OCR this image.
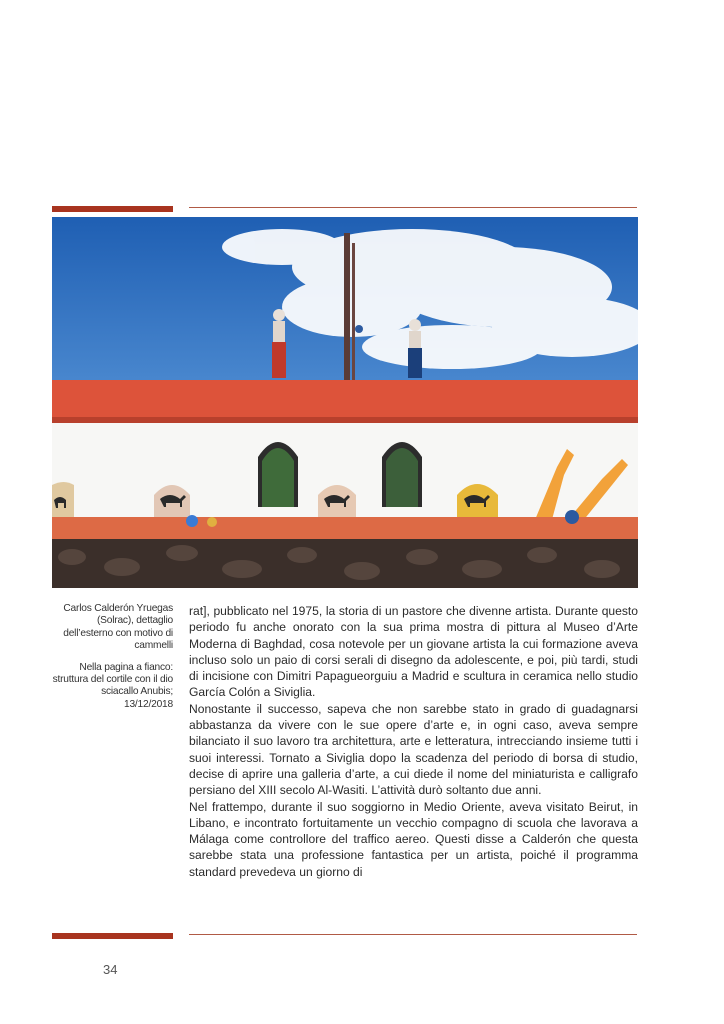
Carlos Calderón Yruegas (Solrac), dettaglio dell’esterno con motivo di cammelli

Nella pagina a fianco: struttura del cortile con il dio sciacallo Anubis; 13/12/2018

rat], pubblicato nel 1975, la storia di un pastore che divenne artista. Durante questo periodo fu anche onorato con la sua prima mostra di pittura al Museo d’Arte Moderna di Baghdad, cosa notevole per un giovane artista la cui formazione aveva incluso solo un paio di corsi serali di disegno da adolescente, e poi, più tardi, studi di incisione con Dimitri Papagueorguiu a Madrid e scultura in ceramica nello studio García Colón a Siviglia.

Nonostante il successo, sapeva che non sarebbe stato in grado di guadagnarsi abbastanza da vivere con le sue opere d’arte e, in ogni caso, aveva sempre bilanciato il suo lavoro tra architettura, arte e letteratura, intrecciando insieme tutti i suoi interessi. Tornato a Siviglia dopo la scadenza del periodo di borsa di studio, decise di aprire una galleria d’arte, a cui diede il nome del miniaturista e calligrafo persiano del XIII secolo Al-Wasiti. L’attività durò soltanto due anni.

Nel frattempo, durante il suo soggiorno in Medio Oriente, aveva visitato Beirut, in Libano, e incontrato fortuitamente un vecchio compagno di scuola che lavorava a Málaga come controllore del traffico aereo. Questi disse a Calderón che questa sarebbe stata una professione fantastica per un artista, poiché il programma standard prevedeva un giorno di

34
